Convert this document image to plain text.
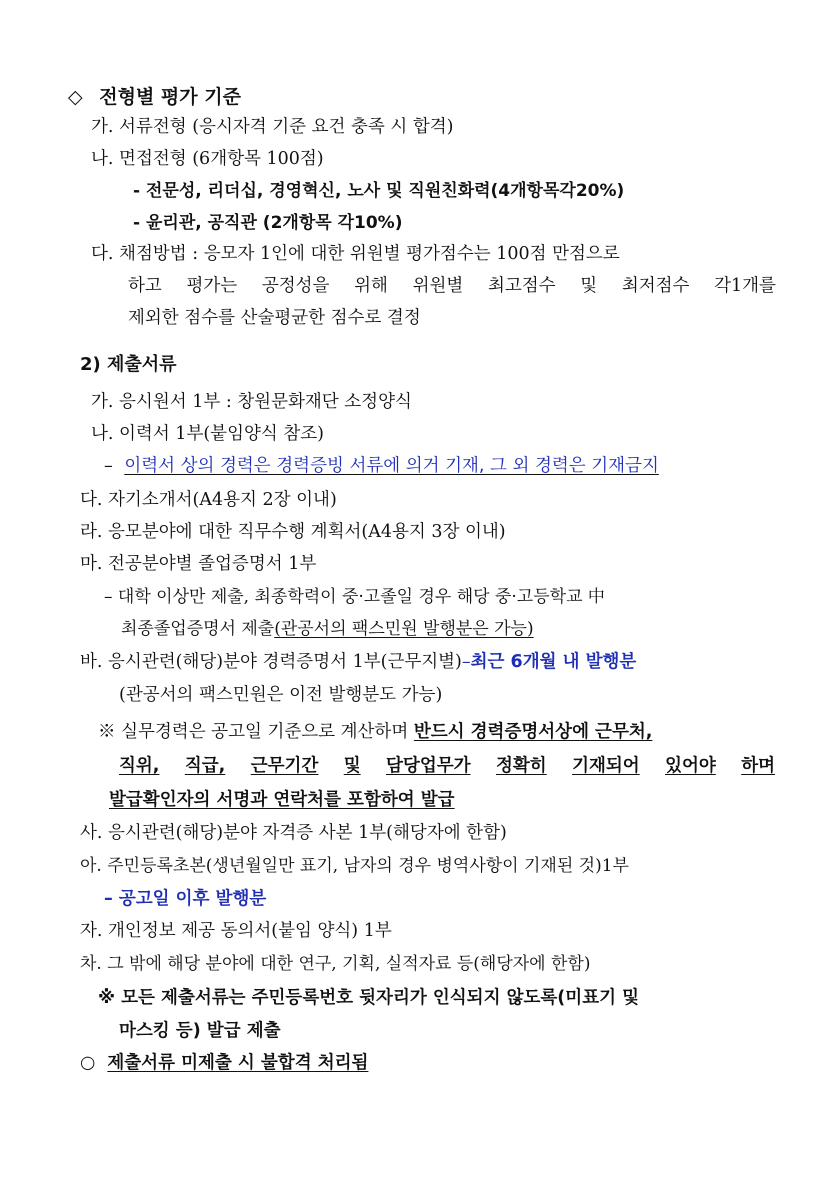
◇ 전형별 평가 기준
가. 서류전형 (응시자격 기준 요건 충족 시 합격)
나. 면접전형 (6개항목 100점)
- 전문성, 리더십, 경영혁신, 노사 및 직원친화력(4개항목각20%)
- 윤리관, 공직관 (2개항목 각10%)
다. 채점방법 : 응모자 1인에 대한 위원별 평가점수는 100점 만점으로
하고 평가는 공정성을 위해 위원별 최고점수 및 최저점수 각1개를
제외한 점수를 산술평균한 점수로 결정
2) 제출서류
가. 응시원서 1부 : 창원문화재단 소정양식
나. 이력서 1부(붙임양식 참조)
– 이력서 상의 경력은 경력증빙 서류에 의거 기재, 그 외 경력은 기재금지
다. 자기소개서(A4용지 2장 이내)
라. 응모분야에 대한 직무수행 계획서(A4용지 3장 이내)
마. 전공분야별 졸업증명서 1부
– 대학 이상만 제출, 최종학력이 중·고졸일 경우 해당 중·고등학교 中
최종졸업증명서 제출(관공서의 팩스민원 발행분은 가능)
바. 응시관련(해당)분야 경력증명서 1부(근무지별)–최근 6개월 내 발행분
(관공서의 팩스민원은 이전 발행분도 가능)
※ 실무경력은 공고일 기준으로 계산하며 반드시 경력증명서상에 근무처,
직위, 직급, 근무기간 및 담당업무가 정확히 기재되어 있어야 하며
발급확인자의 서명과 연락처를 포함하여 발급
사. 응시관련(해당)분야 자격증 사본 1부(해당자에 한함)
아. 주민등록초본(생년월일만 표기, 남자의 경우 병역사항이 기재된 것)1부
– 공고일 이후 발행분
자. 개인정보 제공 동의서(붙임 양식) 1부
차. 그 밖에 해당 분야에 대한 연구, 기획, 실적자료 등(해당자에 한함)
※ 모든 제출서류는 주민등록번호 뒷자리가 인식되지 않도록(미표기 및
마스킹 등) 발급 제출
○ 제출서류 미제출 시 불합격 처리됨
